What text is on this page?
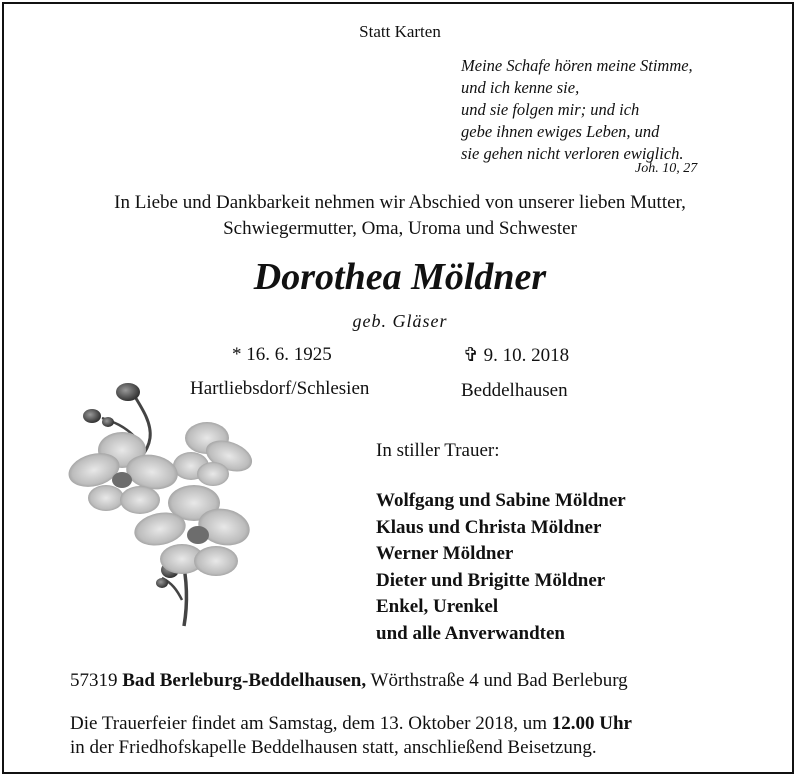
Statt Karten
Meine Schafe hören meine Stimme,
und ich kenne sie,
und sie folgen mir; und ich
gebe ihnen ewiges Leben, und
sie gehen nicht verloren ewiglich.
Joh. 10, 27
In Liebe und Dankbarkeit nehmen wir Abschied von unserer lieben Mutter,
Schwiegermutter, Oma, Uroma und Schwester
Dorothea Möldner
geb. Gläser
* 16. 6. 1925	✞ 9. 10. 2018
Hartliebsdorf/Schlesien	Beddelhausen
In stiller Trauer:
Wolfgang und Sabine Möldner
Klaus und Christa Möldner
Werner Möldner
Dieter und Brigitte Möldner
Enkel, Urenkel
und alle Anverwandten
57319 Bad Berleburg-Beddelhausen, Wörthstraße 4 und Bad Berleburg
Die Trauerfeier findet am Samstag, dem 13. Oktober 2018, um 12.00 Uhr
in der Friedhofskapelle Beddelhausen statt, anschließend Beisetzung.
